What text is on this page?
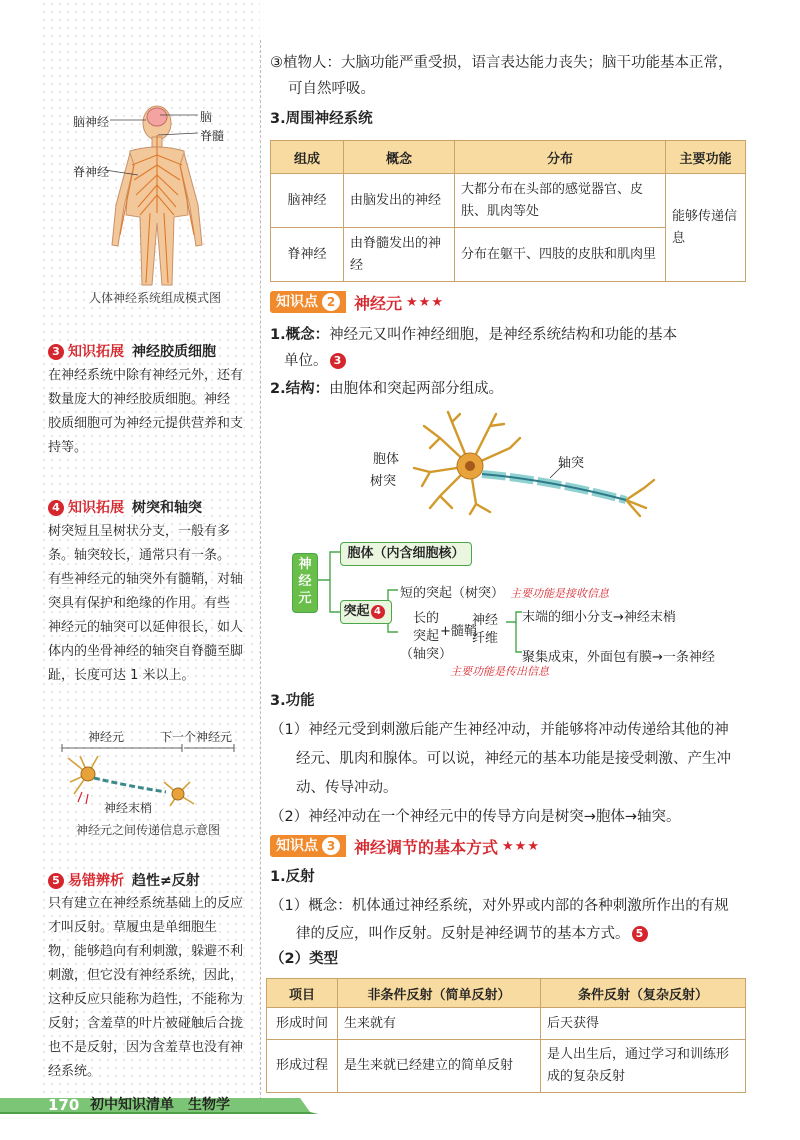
脑神经	脑
脊髓
脊神经
人体神经系统组成模式图
3 知识拓展 神经胶质细胞
在神经系统中除有神经元外，还有
数量庞大的神经胶质细胞。神经
胶质细胞可为神经元提供营养和支
持等。
4 知识拓展 树突和轴突
树突短且呈树状分支，一般有多
条。轴突较长，通常只有一条。
有些神经元的轴突外有髓鞘，对轴
突具有保护和绝缘的作用。有些
神经元的轴突可以延伸很长，如人
体内的坐骨神经的轴突自脊髓至脚
趾，长度可达 1 米以上。
神经元	下一个神经元
神经末梢
神经元之间传递信息示意图
5 易错辨析 趋性≠反射
只有建立在神经系统基础上的反应
才叫反射。草履虫是单细胞生
物，能够趋向有利刺激，躲避不利
刺激，但它没有神经系统，因此，
这种反应只能称为趋性，不能称为
反射；含羞草的叶片被碰触后合拢
也不是反射，因为含羞草也没有神
经系统。
③植物人：大脑功能严重受损，语言表达能力丧失；脑干功能基本正常，
可自然呼吸。
3.周围神经系统
组成	概念	分布	主要功能
脑神经	由脑发出的神经	大都分布在头部的感觉器官、皮肤、肌肉等处	能够传递信息
脊神经	由脊髓发出的神经	分布在躯干、四肢的皮肤和肌肉里	
知识点 2	神经元 ★★★
1.概念：神经元又叫作神经细胞，是神经系统结构和功能的基本
单位。 3
2.结构：由胞体和突起两部分组成。
胞体
树突
轴突
神经元
胞体（内含细胞核）
突起 4
短的突起（树突） 主要功能是接收信息
长的
突起
（轴突）
+髓鞘
神经
纤维
末端的细小分支→神经末梢
聚集成束，外面包有膜→一条神经
主要功能是传出信息
3.功能
（1）神经元受到刺激后能产生神经冲动，并能够将冲动传递给其他的神
经元、肌肉和腺体。可以说，神经元的基本功能是接受刺激、产生冲
动、传导冲动。
（2）神经冲动在一个神经元中的传导方向是树突→胞体→轴突。
知识点 3	神经调节的基本方式 ★★★
1.反射
（1）概念：机体通过神经系统，对外界或内部的各种刺激所作出的有规
律的反应，叫作反射。反射是神经调节的基本方式。 5
（2）类型
项目	非条件反射（简单反射）	条件反射（复杂反射）
形成时间	生来就有	后天获得
形成过程	是生来就已经建立的简单反射	是人出生后，通过学习和训练形成的复杂反射
170 初中知识清单 生物学
